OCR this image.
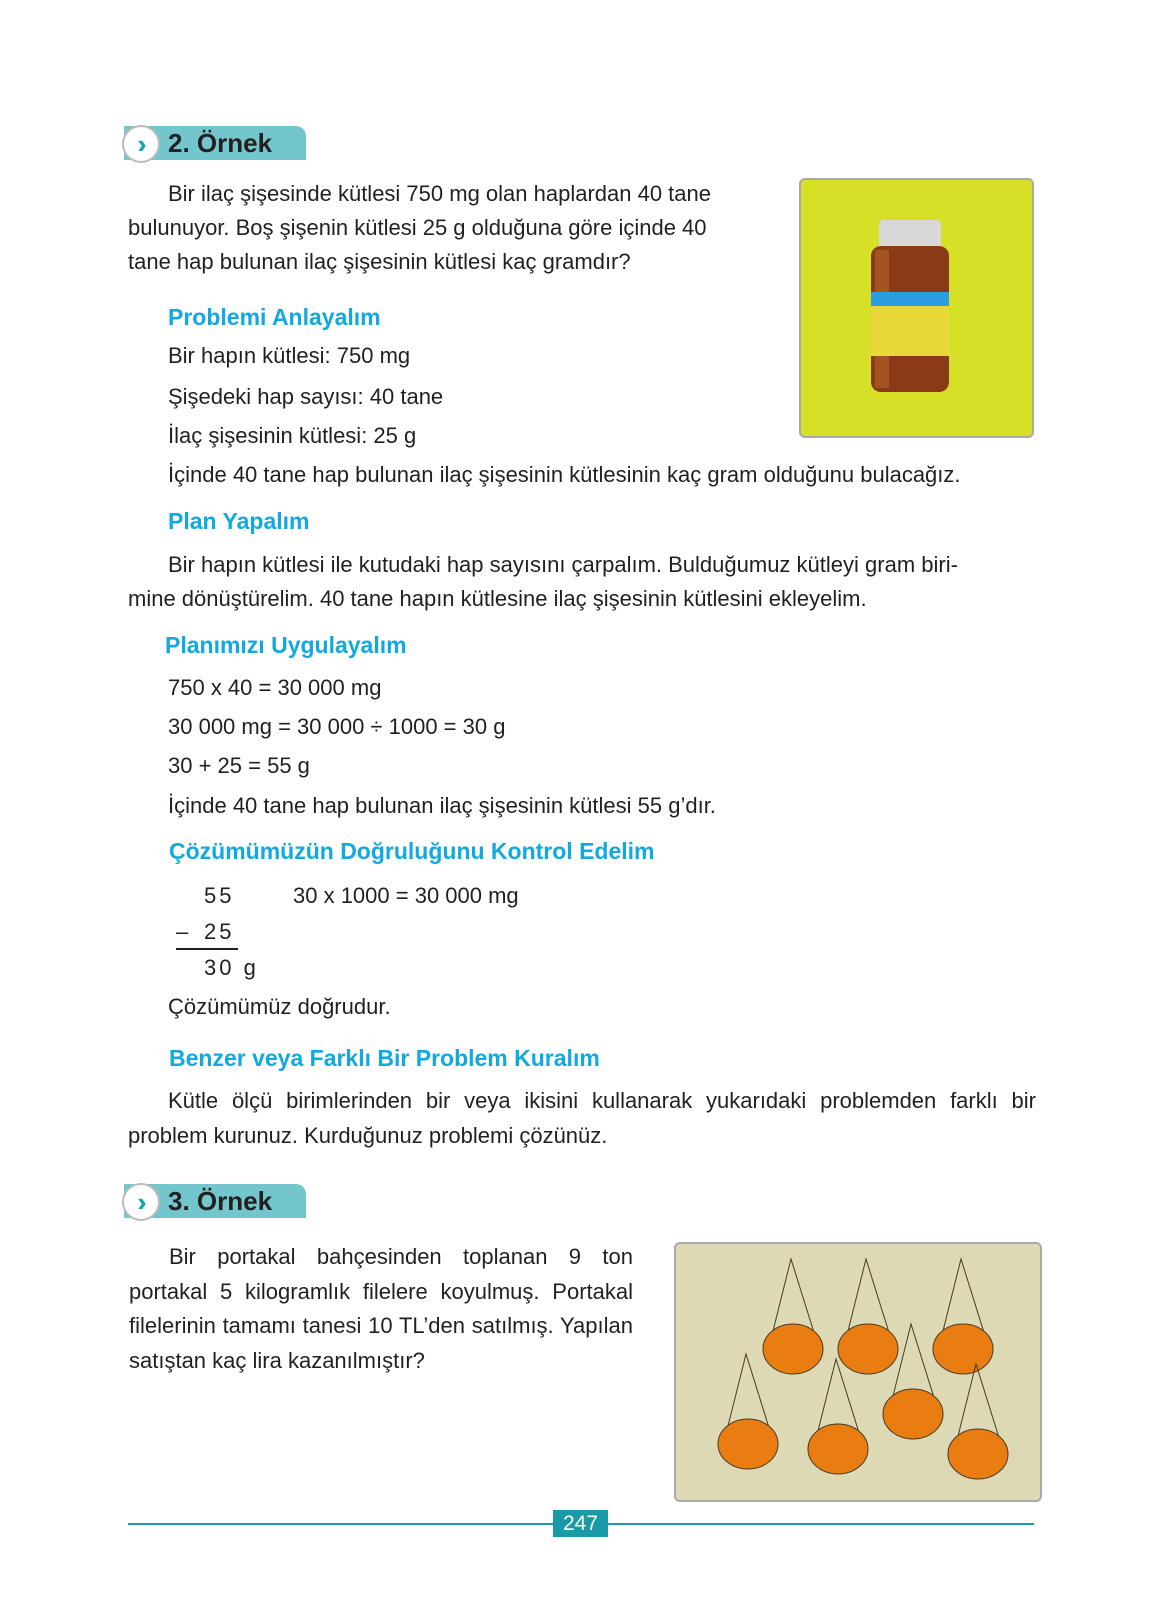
›› 2. Örnek
Bir ilaç şişesinde kütlesi 750 mg olan haplardan 40 tane
bulunuyor. Boş şişenin kütlesi 25 g olduğuna göre içinde 40
tane hap bulunan ilaç şişesinin kütlesi kaç gramdır?
Problemi Anlayalım
Bir hapın kütlesi: 750 mg
Şişedeki hap sayısı: 40 tane
İlaç şişesinin kütlesi: 25 g
İçinde 40 tane hap bulunan ilaç şişesinin kütlesinin kaç gram olduğunu bulacağız.
Plan Yapalım
Bir hapın kütlesi ile kutudaki hap sayısını çarpalım. Bulduğumuz kütleyi gram biri-
mine dönüştürelim. 40 tane hapın kütlesine ilaç şişesinin kütlesini ekleyelim.
Planımızı Uygulayalım
750 x 40 = 30 000 mg
30 000 mg = 30 000 ÷ 1000 = 30 g
30 + 25 = 55 g
İçinde 40 tane hap bulunan ilaç şişesinin kütlesi 55 g’dır.
Çözümümüzün Doğruluğunu Kontrol Edelim
55	30 x 1000 = 30 000 mg
– 25
30 g
Çözümümüz doğrudur.
Benzer veya Farklı Bir Problem Kuralım
Kütle ölçü birimlerinden bir veya ikisini kullanarak yukarıdaki problemden farklı bir problem kurunuz. Kurduğunuz problemi çözünüz.
›› 3. Örnek
Bir portakal bahçesinden toplanan 9 ton portakal 5 kilogramlık filelere koyulmuş. Portakal filelerinin tamamı tanesi 10 TL’den satılmış. Yapılan satıştan kaç lira kazanılmıştır?
247
